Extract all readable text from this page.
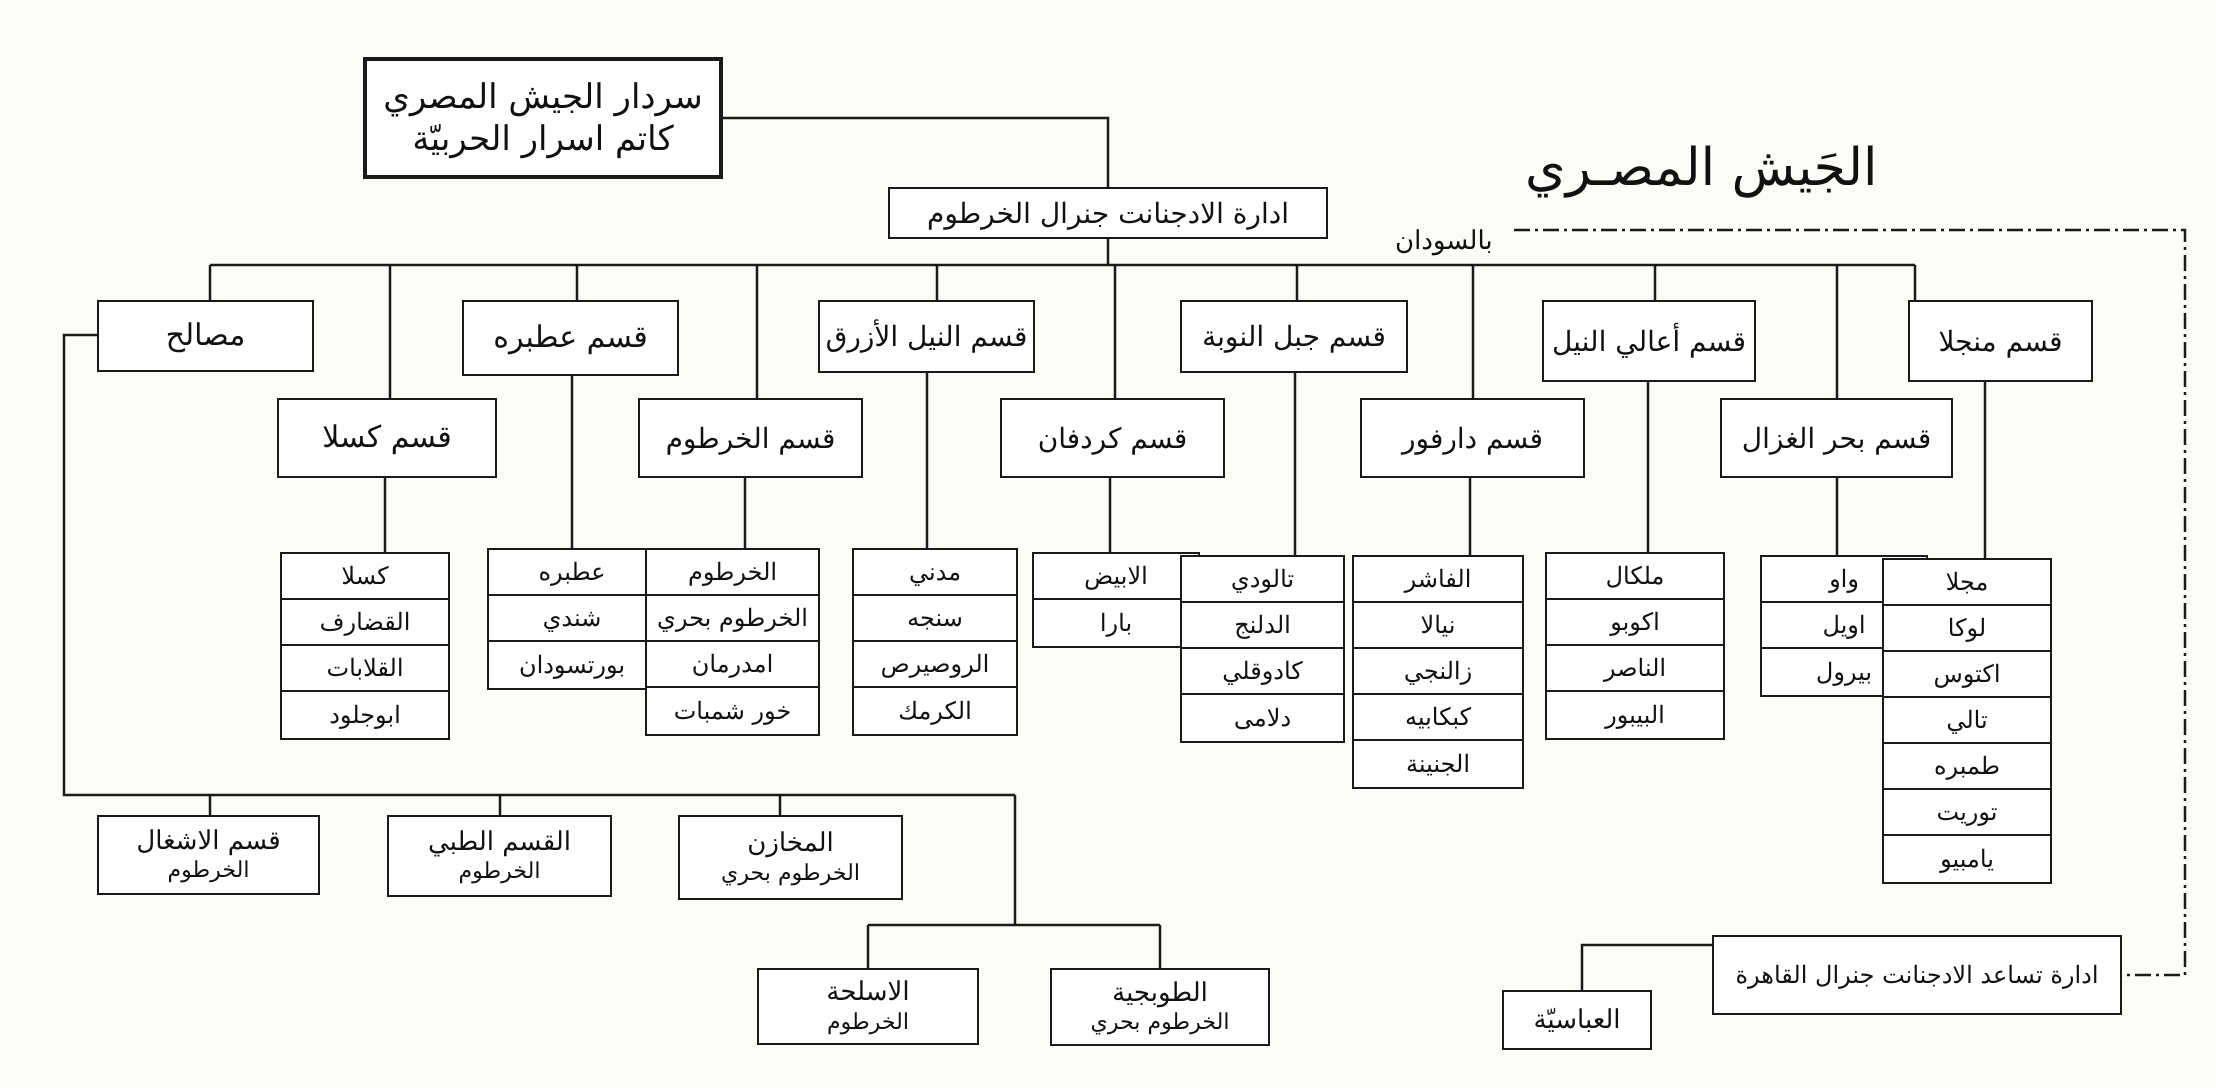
الجَيش المصـري
بالسودان
سردار الجيش المصري
كاتم اسرار الحربيّة
ادارة الادجنانت جنرال الخرطوم
مصالح	قسم عطبره	قسم النيل الأزرق	قسم جبل النوبة	قسم أعالي النيل	قسم منجلا
قسم كسلا	قسم الخرطوم	قسم كردفان	قسم دارفور	قسم بحر الغزال
كسلا
القضارف
القلابات
ابوجلود
عطبره
شندي
بورتسودان
الخرطوم
الخرطوم بحري
امدرمان
خور شمبات
مدني
سنجه
الروصيرص
الكرمك
الابيض
بارا
تالودي
الدلنج
كادوقلي
دلامى
الفاشر
نيالا
زالنجي
كبكابيه
الجنينة
ملكال
اكوبو
الناصر
البيبور
واو
اويل
بيرول
مجلا
لوكا
اكتوس
تالي
طمبره
توريت
يامبيو
قسم الاشغال
الخرطوم
القسم الطبي
الخرطوم
المخازن
الخرطوم بحري
الاسلحة
الخرطوم
الطوبجية
الخرطوم بحري
ادارة تساعد الادجنانت جنرال القاهرة
العباسيّة
